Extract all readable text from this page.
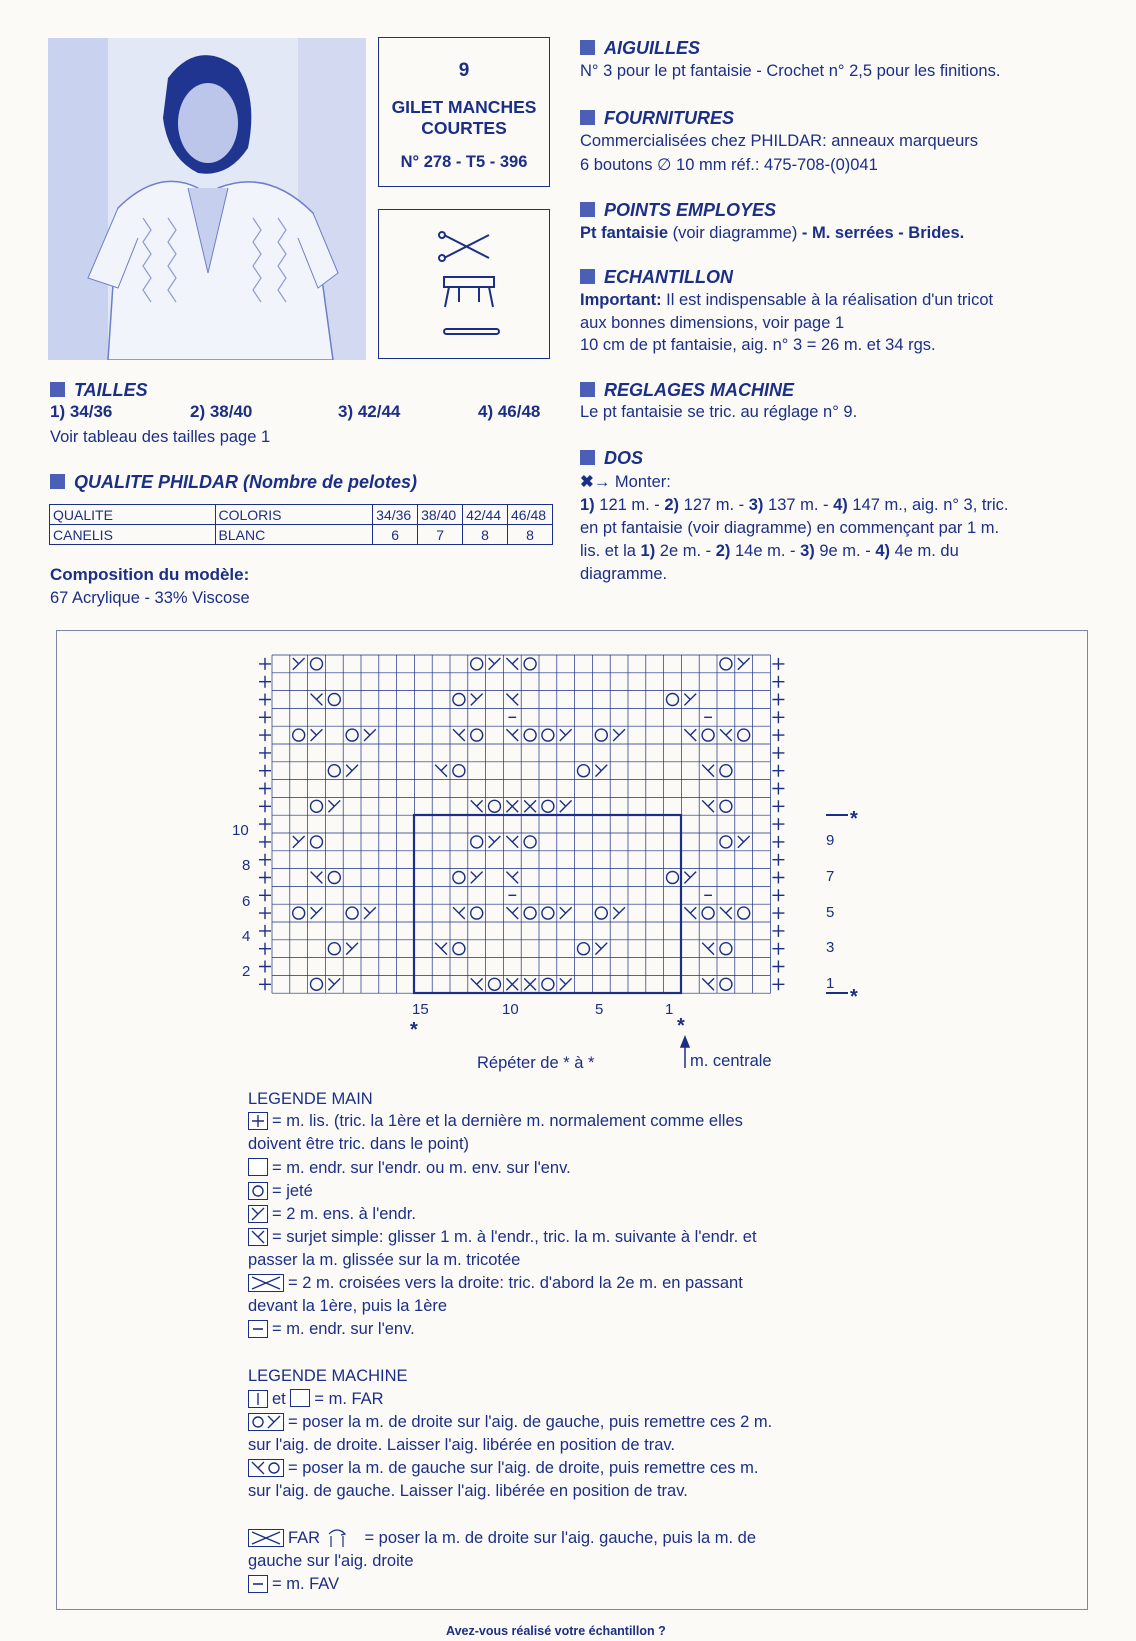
9
GILET MANCHES
COURTES
N° 278 - T5 - 396
TAILLES
1) 34/36	2) 38/40	3) 42/44	4) 46/48
Voir tableau des tailles page 1
QUALITE PHILDAR (Nombre de pelotes)
QUALITE	COLORIS	34/36	38/40	42/44	46/48
CANELIS	BLANC	6	7	8	8
Composition du modèle:
67 Acrylique - 33% Viscose
AIGUILLES
N° 3 pour le pt fantaisie - Crochet n° 2,5 pour les finitions.
FOURNITURES
Commercialisées chez PHILDAR: anneaux marqueurs
6 boutons ∅ 10 mm réf.: 475-708-(0)041
POINTS EMPLOYES
Pt fantaisie (voir diagramme) - M. serrées - Brides.
ECHANTILLON
Important: Il est indispensable à la réalisation d'un tricot
aux bonnes dimensions, voir page 1
10 cm de pt fantaisie, aig. n° 3 = 26 m. et 34 rgs.
REGLAGES MACHINE
Le pt fantaisie se tric. au réglage n° 9.
DOS
✖→ Monter:
1) 121 m. - 2) 127 m. - 3) 137 m. - 4) 147 m., aig. n° 3, tric.
en pt fantaisie (voir diagramme) en commençant par 1 m.
lis. et la 1) 2e m. - 2) 14e m. - 3) 9e m. - 4) 4e m. du
diagramme.
10
8
6
4
2
9
7
5
3
1
15	10	5	1
*	*
*
*
Répéter de * à *	m. centrale
LEGENDE MAIN
= m. lis. (tric. la 1ère et la dernière m. normalement comme elles
doivent être tric. dans le point)
= m. endr. sur l'endr. ou m. env. sur l'env.
= jeté
= 2 m. ens. à l'endr.
= surjet simple: glisser 1 m. à l'endr., tric. la m. suivante à l'endr. et
passer la m. glissée sur la m. tricotée
= 2 m. croisées vers la droite: tric. d'abord la 2e m. en passant
devant la 1ère, puis la 1ère
= m. endr. sur l'env.
LEGENDE MACHINE
et = m. FAR
= poser la m. de droite sur l'aig. de gauche, puis remettre ces 2 m.
sur l'aig. de droite. Laisser l'aig. libérée en position de trav.
= poser la m. de gauche sur l'aig. de droite, puis remettre ces m.
sur l'aig. de gauche. Laisser l'aig. libérée en position de trav.
FAR	= poser la m. de droite sur l'aig. gauche, puis la m. de
gauche sur l'aig. droite
= m. FAV
Avez-vous réalisé votre échantillon ?
